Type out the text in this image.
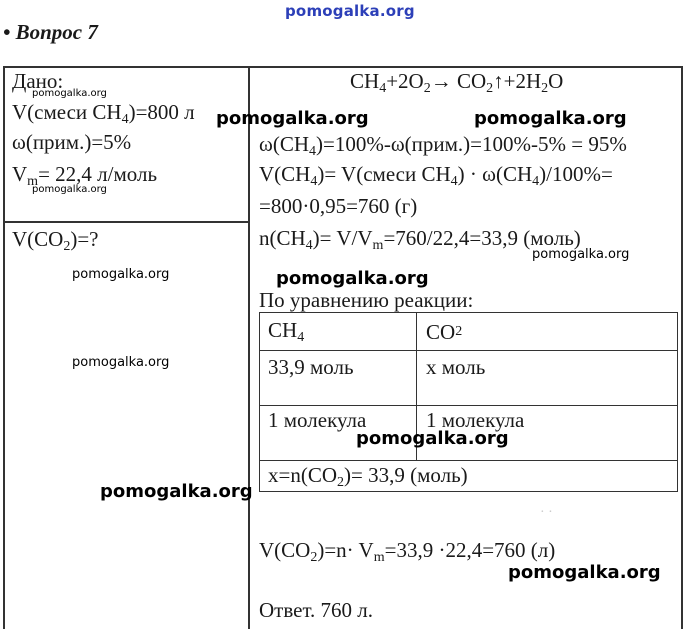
pomogalka.org
• Вопрос 7
Дано:
V(смеси $CH_4)=800$ л
ω(прим.)=5%
$V_m= 22,4$ л/моль
$V(CO_2)=$?
$CH_4+2O_2\to$ $CO_2↑+2H_2O$
$\omega(CH_4)=100\%-\omega(прим.)=100\%-5\% = 95\%$
$V(CH_4)=$ V(смеси $CH_4) \cdot \omega(CH_4)/100\%=$
=800·0,95=760 (г)
$n(CH_4)= V/V_m=760/22,4=33,9$ (моль)
По уравнению реакции:
$CH_4$	CO2
33,9 моль	x моль
1 молекула	1 молекула
$x=n(CO_2)= 33,9$ (моль)
· ·
$V(CO_2)=n\cdot V_m=33,9 \cdot 22,4=760$ (л)
Ответ. 760 л.
pomogalka.org
pomogalka.org
pomogalka.org	pomogalka.org
pomogalka.org
pomogalka.org	pomogalka.org
pomogalka.org
pomogalka.org
pomogalka.org
pomogalka.org
